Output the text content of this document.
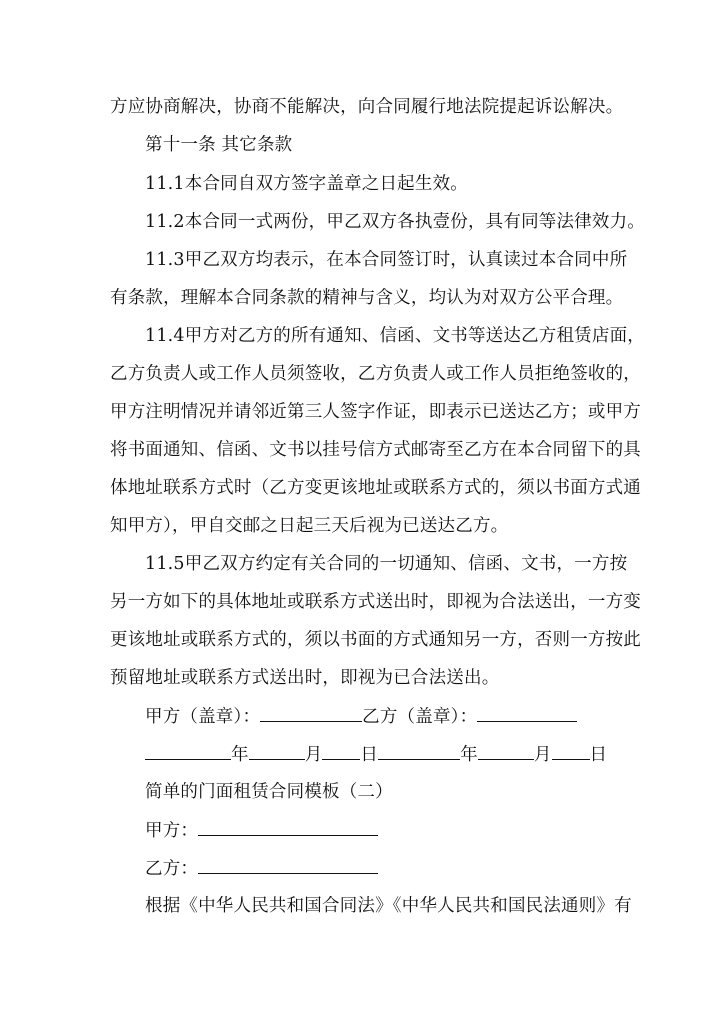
方应协商解决，协商不能解决，向合同履行地法院提起诉讼解决。
第十一条 其它条款
11.1本合同自双方签字盖章之日起生效。
11.2本合同一式两份，甲乙双方各执壹份，具有同等法律效力。
11.3甲乙双方均表示，在本合同签订时，认真读过本合同中所
有条款，理解本合同条款的精神与含义，均认为对双方公平合理。
11.4甲方对乙方的所有通知、信函、文书等送达乙方租赁店面，
乙方负责人或工作人员须签收，乙方负责人或工作人员拒绝签收的，
甲方注明情况并请邻近第三人签字作证，即表示已送达乙方；或甲方
将书面通知、信函、文书以挂号信方式邮寄至乙方在本合同留下的具
体地址联系方式时（乙方变更该地址或联系方式的，须以书面方式通
知甲方），甲自交邮之日起三天后视为已送达乙方。
11.5甲乙双方约定有关合同的一切通知、信函、文书，一方按
另一方如下的具体地址或联系方式送出时，即视为合法送出，一方变
更该地址或联系方式的，须以书面的方式通知另一方，否则一方按此
预留地址或联系方式送出时，即视为已合法送出。
甲方（盖章）：	乙方（盖章）：
年	月 日	年	月 日
简单的门面租赁合同模板（二）
甲方：
乙方：
根据《中华人民共和国合同法》《中华人民共和国民法通则》有
